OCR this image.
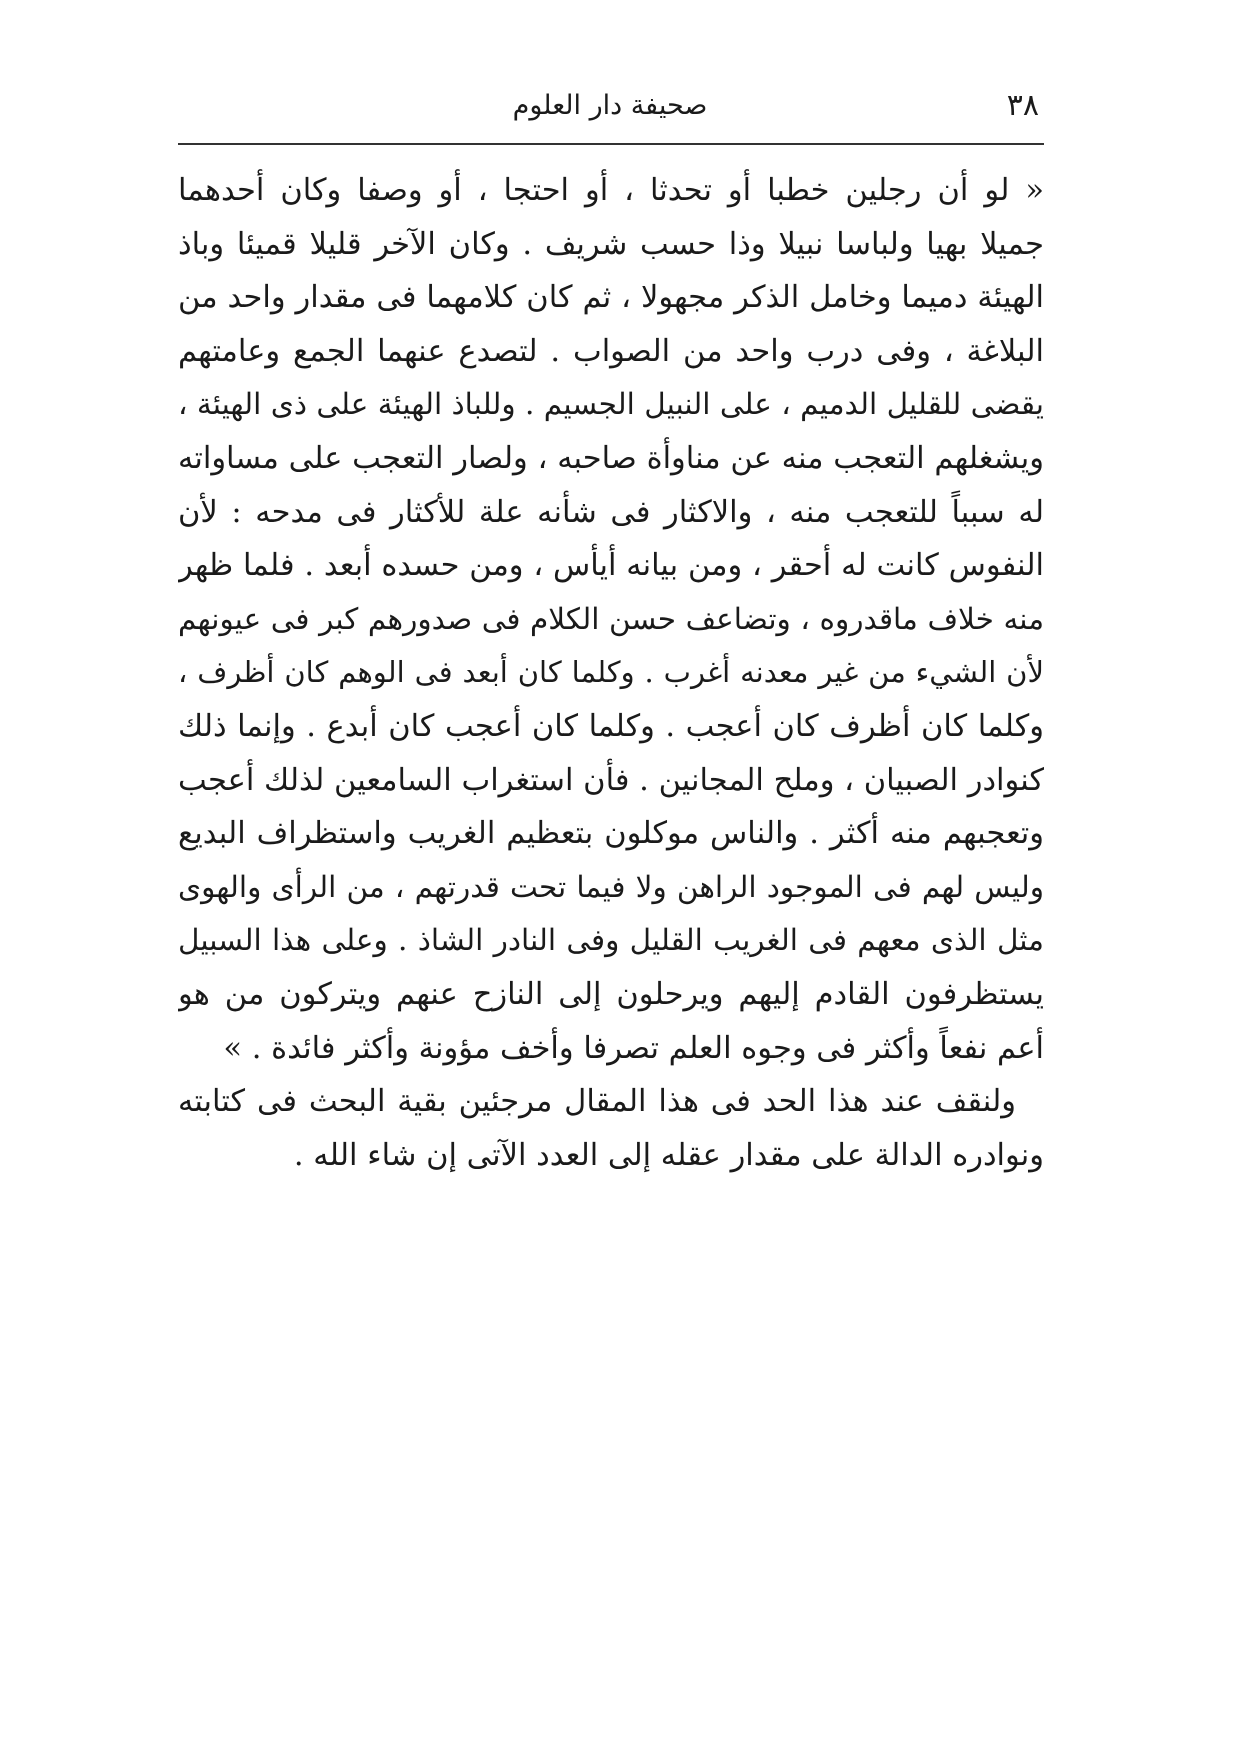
صحيفة دار العلوم	٣٨
« لو أن رجلين خطبا أو تحدثا ، أو احتجا ، أو وصفا وكان أحدهما
جميلا بهيا ولباسا نبيلا وذا حسب شريف . وكان الآخر قليلا قميئا وباذ
الهيئة دميما وخامل الذكر مجهولا ، ثم كان كلامهما فى مقدار واحد من
البلاغة ، وفى درب واحد من الصواب . لتصدع عنهما الجمع وعامتهم
يقضى للقليل الدميم ، على النبيل الجسيم . وللباذ الهيئة على ذى الهيئة ،
ويشغلهم التعجب منه عن مناوأة صاحبه ، ولصار التعجب على مساواته
له سبباً للتعجب منه ، والاكثار فى شأنه علة للأكثار فى مدحه : لأن
النفوس كانت له أحقر ، ومن بيانه أيأس ، ومن حسده أبعد . فلما ظهر
منه خلاف ماقدروه ، وتضاعف حسن الكلام فى صدورهم كبر فى عيونهم
لأن الشيء من غير معدنه أغرب . وكلما كان أبعد فى الوهم كان أظرف ،
وكلما كان أظرف كان أعجب . وكلما كان أعجب كان أبدع . وإنما ذلك
كنوادر الصبيان ، وملح المجانين . فأن استغراب السامعين لذلك أعجب
وتعجبهم منه أكثر . والناس موكلون بتعظيم الغريب واستظراف البديع
وليس لهم فى الموجود الراهن ولا فيما تحت قدرتهم ، من الرأى والهوى
مثل الذى معهم فى الغريب القليل وفى النادر الشاذ . وعلى هذا السبيل
يستظرفون القادم إليهم ويرحلون إلى النازح عنهم ويتركون من هو
أعم نفعاً وأكثر فى وجوه العلم تصرفا وأخف مؤونة وأكثر فائدة . »
ولنقف عند هذا الحد فى هذا المقال مرجئين بقية البحث فى كتابته
ونوادره الدالة على مقدار عقله إلى العدد الآتى إن شاء الله .
